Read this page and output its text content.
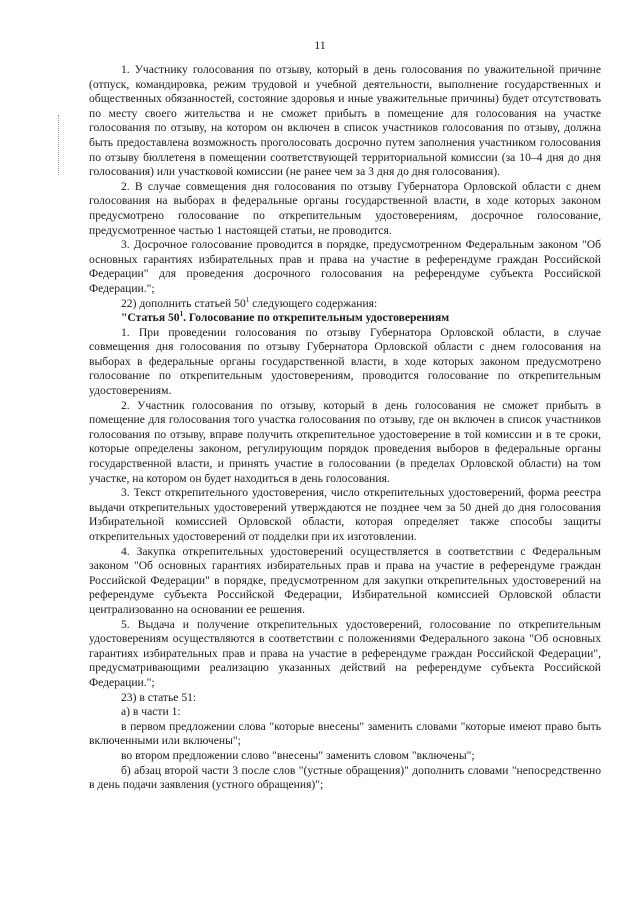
11

1. Участнику голосования по отзыву, который в день голосования по уважительной причине (отпуск, командировка, режим трудовой и учебной деятельности, выполнение государственных и общественных обязанностей, состояние здоровья и иные уважительные причины) будет отсутствовать по месту своего жительства и не сможет прибыть в помещение для голосования на участке голосования по отзыву, на котором он включен в список участников голосования по отзыву, должна быть предоставлена возможность проголосовать досрочно путем заполнения участником голосования по отзыву бюллетеня в помещении соответствующей территориальной комиссии (за 10–4 дня до дня голосования) или участковой комиссии (не ранее чем за 3 дня до дня голосования).

2. В случае совмещения дня голосования по отзыву Губернатора Орловской области с днем голосования на выборах в федеральные органы государственной власти, в ходе которых законом предусмотрено голосование по открепительным удостоверениям, досрочное голосование, предусмотренное частью 1 настоящей статьи, не проводится.

3. Досрочное голосование проводится в порядке, предусмотренном Федеральным законом "Об основных гарантиях избирательных прав и права на участие в референдуме граждан Российской Федерации" для проведения досрочного голосования на референдуме субъекта Российской Федерации.";

22) дополнить статьей $50^1$ следующего содержания:

"Статья $50^1$. Голосование по открепительным удостоверениям

1. При проведении голосования по отзыву Губернатора Орловской области, в случае совмещения дня голосования по отзыву Губернатора Орловской области с днем голосования на выборах в федеральные органы государственной власти, в ходе которых законом предусмотрено голосование по открепительным удостоверениям, проводится голосование по открепительным удостоверениям.

2. Участник голосования по отзыву, который в день голосования не сможет прибыть в помещение для голосования того участка голосования по отзыву, где он включен в список участников голосования по отзыву, вправе получить открепительное удостоверение в той комиссии и в те сроки, которые определены законом, регулирующим порядок проведения выборов в федеральные органы государственной власти, и принять участие в голосовании (в пределах Орловской области) на том участке, на котором он будет находиться в день голосования.

3. Текст открепительного удостоверения, число открепительных удостоверений, форма реестра выдачи открепительных удостоверений утверждаются не позднее чем за 50 дней до дня голосования Избирательной комиссией Орловской области, которая определяет также способы защиты открепительных удостоверений от подделки при их изготовлении.

4. Закупка открепительных удостоверений осуществляется в соответствии с Федеральным законом "Об основных гарантиях избирательных прав и права на участие в референдуме граждан Российской Федерации" в порядке, предусмотренном для закупки открепительных удостоверений на референдуме субъекта Российской Федерации, Избирательной комиссией Орловской области централизованно на основании ее решения.

5. Выдача и получение открепительных удостоверений, голосование по открепительным удостоверениям осуществляются в соответствии с положениями Федерального закона "Об основных гарантиях избирательных прав и права на участие в референдуме граждан Российской Федерации", предусматривающими реализацию указанных действий на референдуме субъекта Российской Федерации.";

23) в статье 51:

а) в части 1:

в первом предложении слова "которые внесены" заменить словами "которые имеют право быть включенными или включены";

во втором предложении слово "внесены" заменить словом "включены";

б) абзац второй части 3 после слов "(устные обращения)" дополнить словами "непосредственно в день подачи заявления (устного обращения)";
